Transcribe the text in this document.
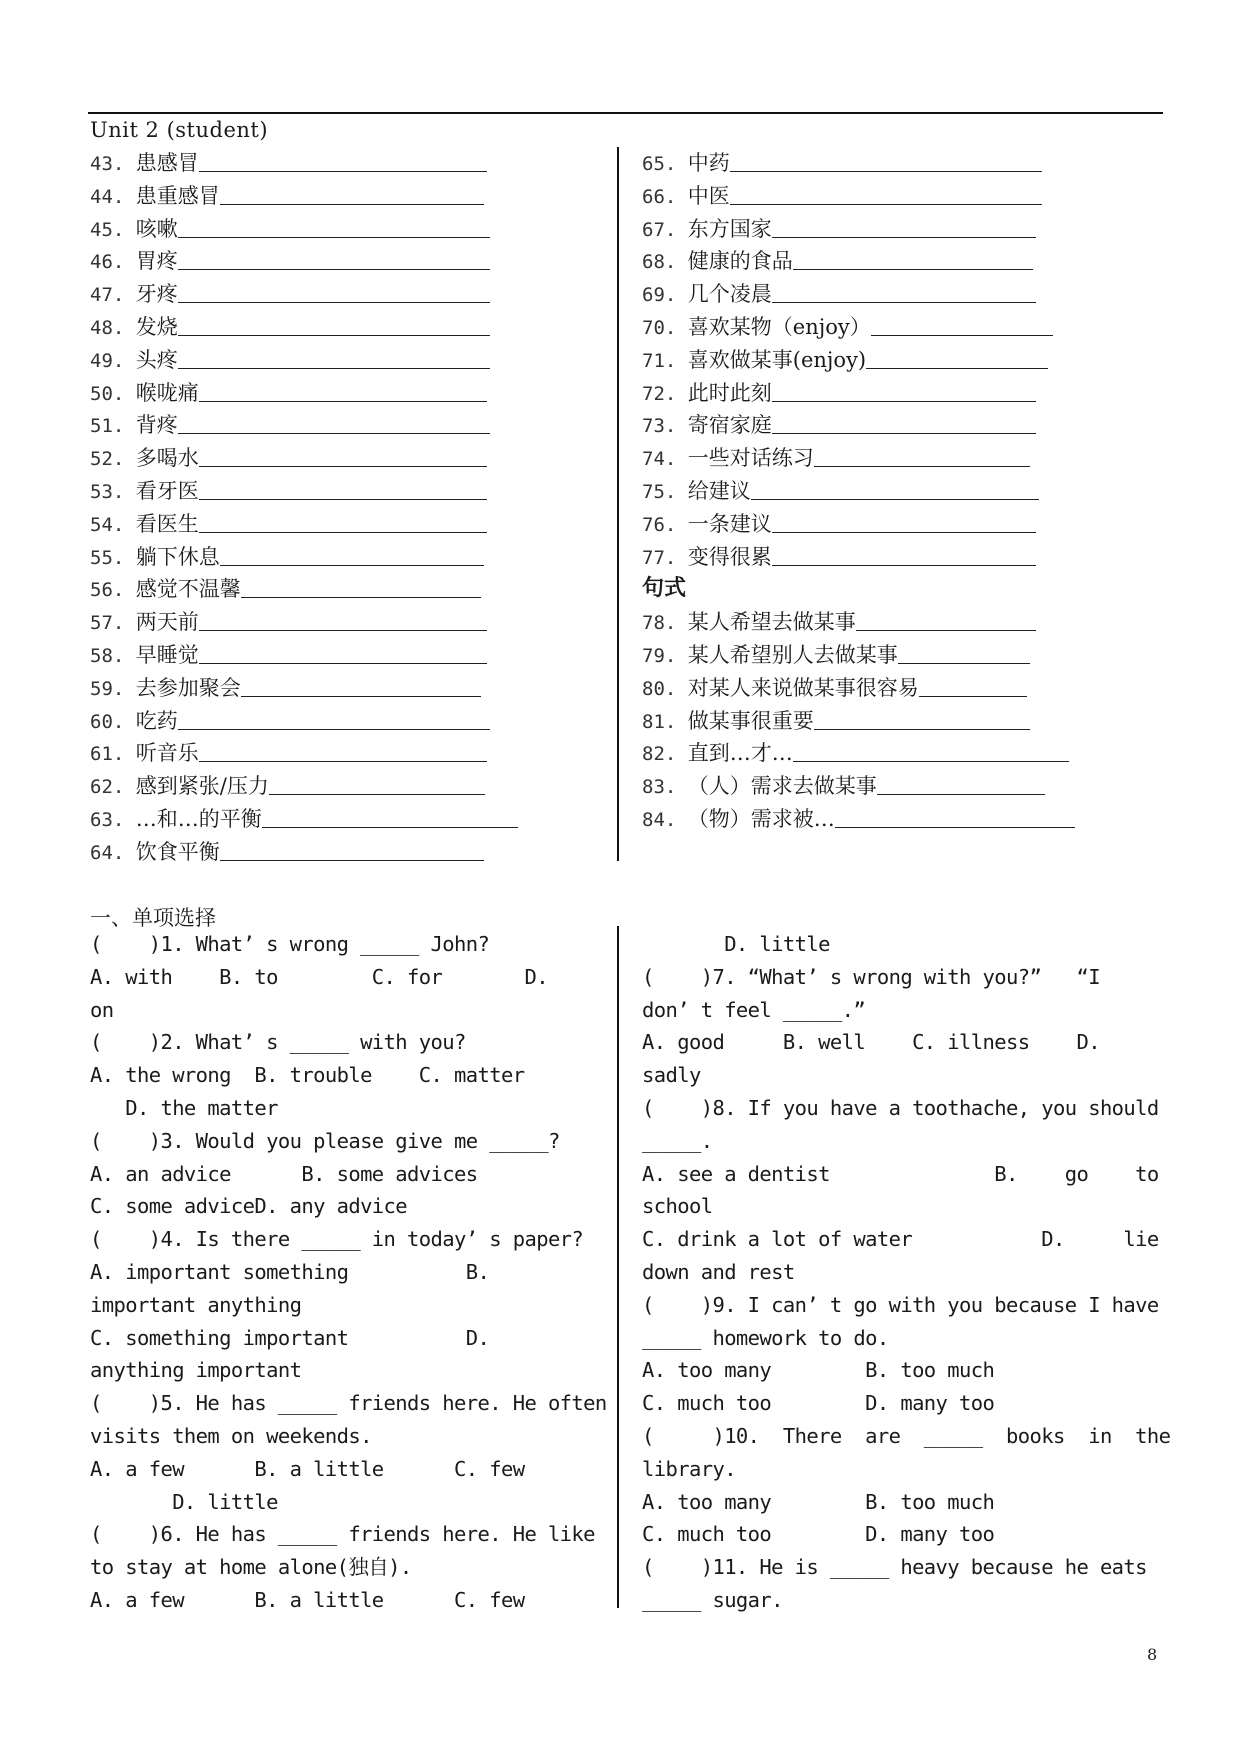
Unit 2 (student)
43. 患感冒
44. 患重感冒
45. 咳嗽
46. 胃疼
47. 牙疼
48. 发烧
49. 头疼
50. 喉咙痛
51. 背疼
52. 多喝水
53. 看牙医
54. 看医生
55. 躺下休息
56. 感觉不温馨
57. 两天前
58. 早睡觉
59. 去参加聚会
60. 吃药
61. 听音乐
62. 感到紧张/压力
63. …和…的平衡
64. 饮食平衡
65. 中药
66. 中医
67. 东方国家
68. 健康的食品
69. 几个凌晨
70. 喜欢某物（enjoy）
71. 喜欢做某事(enjoy)
72. 此时此刻
73. 寄宿家庭
74. 一些对话练习
75. 给建议
76. 一条建议
77. 变得很累
句式
78. 某人希望去做某事
79. 某人希望别人去做某事
80. 对某人来说做某事很容易
81. 做某事很重要
82. 直到…才…
83. （人）需求去做某事
84. （物）需求被…
一、单项选择
(    )1. What’ s wrong _____ John?
A. with    B. to        C. for       D.
on
(    )2. What’ s _____ with you?
A. the wrong  B. trouble    C. matter
D. the matter
(    )3. Would you please give me _____?
A. an advice      B. some advices
C. some adviceD. any advice
(    )4. Is there _____ in today’ s paper?
A. important something          B.
important anything
C. something important          D.
anything important
(    )5. He has _____ friends here. He often
visits them on weekends.
A. a few      B. a little      C. few
D. little
(    )6. He has _____ friends here. He like
to stay at home alone(独自).
A. a few      B. a little      C. few
D. little
(    )7. “What’ s wrong with you?”   “I
don’ t feel _____.”
A. good     B. well    C. illness    D.
sadly
(    )8. If you have a toothache, you should
_____.
A. see a dentist              B.    go    to
school
C. drink a lot of water           D.     lie
down and rest
(    )9. I can’ t go with you because I have
_____ homework to do.
A. too many        B. too much
C. much too        D. many too
(     )10.  There  are  _____  books  in  the
library.
A. too many        B. too much
C. much too        D. many too
(    )11. He is _____ heavy because he eats
_____ sugar.
8
